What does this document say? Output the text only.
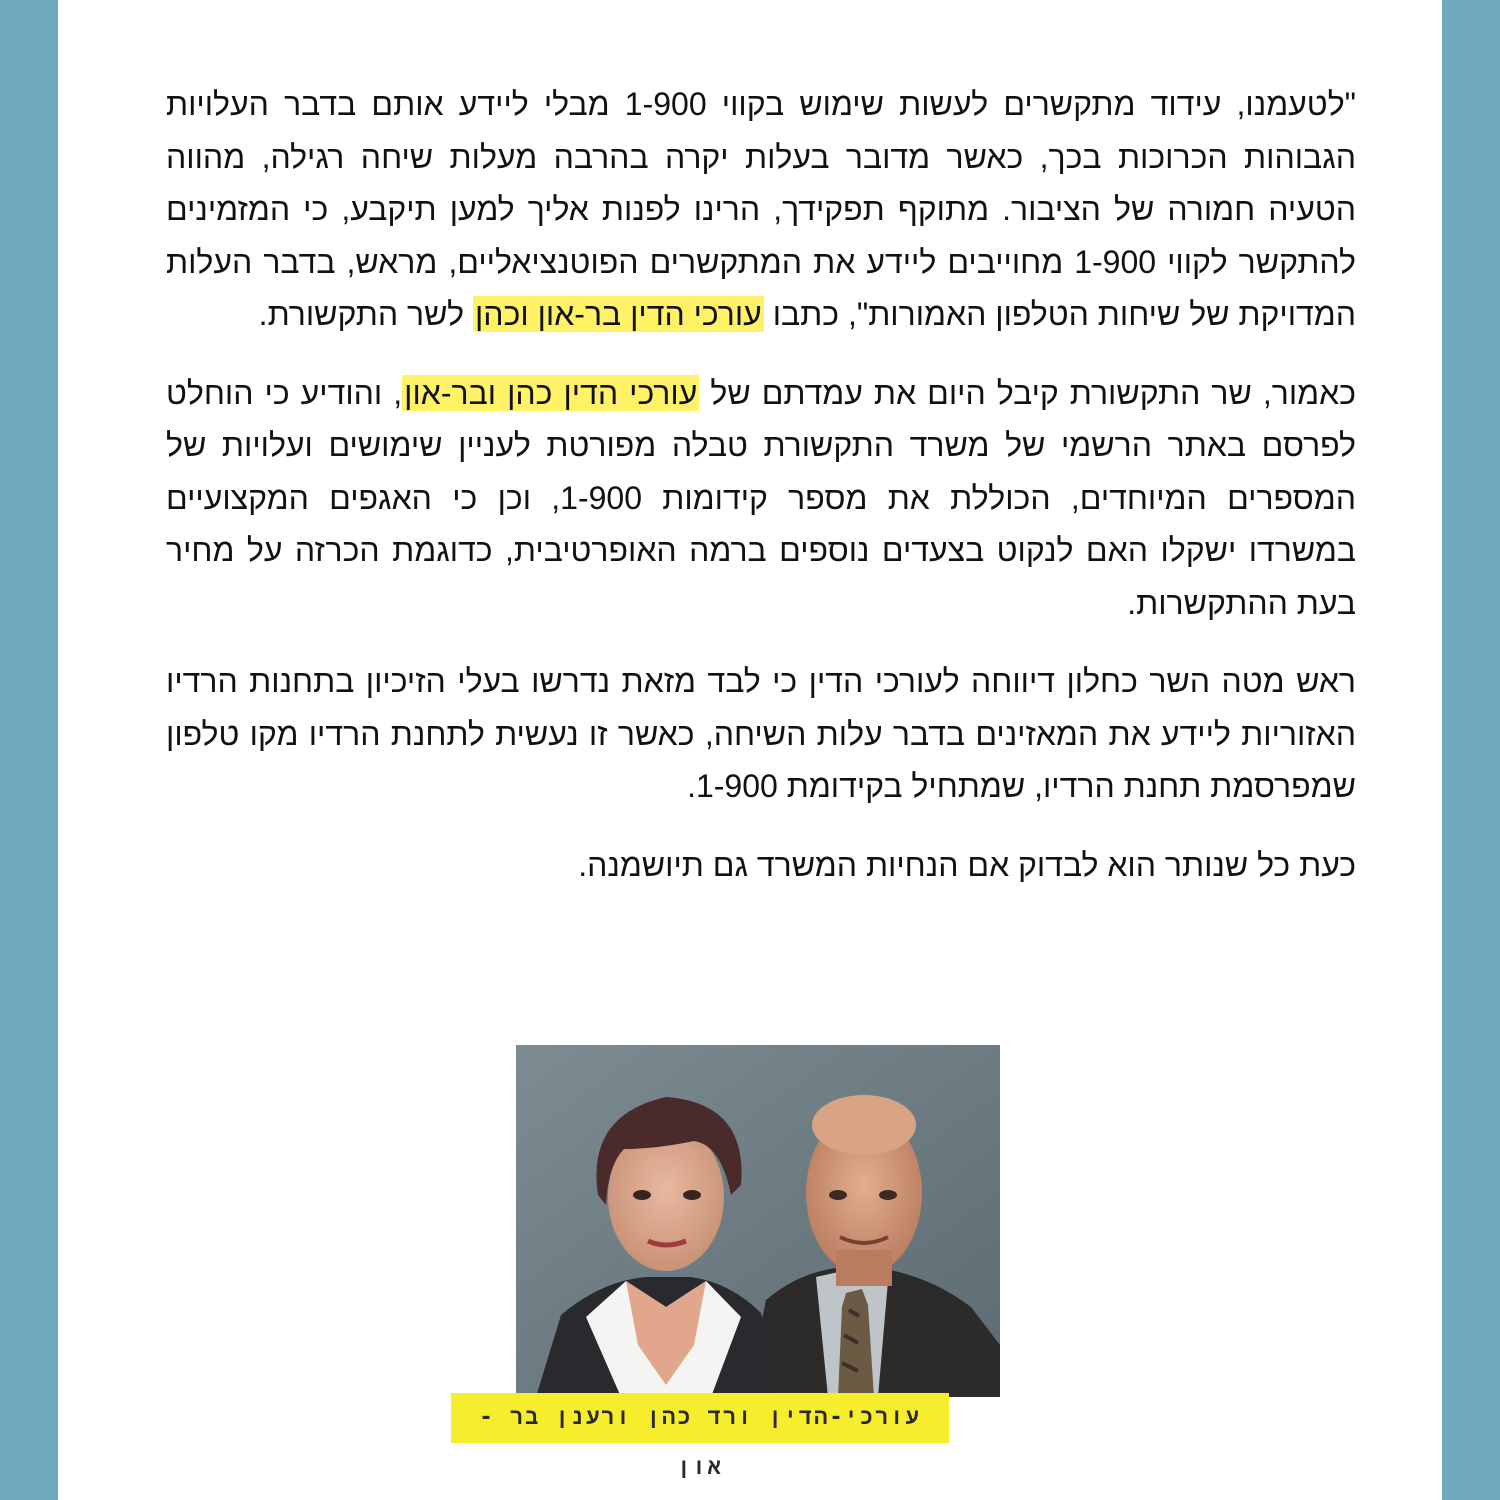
"לטעמנו, עידוד מתקשרים לעשות שימוש בקווי 1-900 מבלי ליידע אותם בדבר העלויות הגבוהות הכרוכות בכך, כאשר מדובר בעלות יקרה בהרבה מעלות שיחה רגילה, מהווה הטעיה חמורה של הציבור. מתוקף תפקידך, הרינו לפנות אליך למען תיקבע, כי המזמינים להתקשר לקווי 1-900 מחוייבים ליידע את המתקשרים הפוטנציאליים, מראש, בדבר העלות המדויקת של שיחות הטלפון האמורות", כתבו עורכי הדין בר-און וכהן לשר התקשורת.

כאמור, שר התקשורת קיבל היום את עמדתם של עורכי הדין כהן ובר-און, והודיע כי הוחלט לפרסם באתר הרשמי של משרד התקשורת טבלה מפורטת לעניין שימושים ועלויות של המספרים המיוחדים, הכוללת את מספר קידומות 1-900, וכן כי האגפים המקצועיים במשרדו ישקלו האם לנקוט בצעדים נוספים ברמה האופרטיבית, כדוגמת הכרזה על מחיר בעת ההתקשרות.

ראש מטה השר כחלון דיווחה לעורכי הדין כי לבד מזאת נדרשו בעלי הזיכיון בתחנות הרדיו האזוריות ליידע את המאזינים בדבר עלות השיחה, כאשר זו נעשית לתחנת הרדיו מקו טלפון שמפרסמת תחנת הרדיו, שמתחיל בקידומת 1-900.

כעת כל שנותר הוא לבדוק אם הנחיות המשרד גם תיושמנה.

עורכי-הדין ורד כהן ורענן בר - און
